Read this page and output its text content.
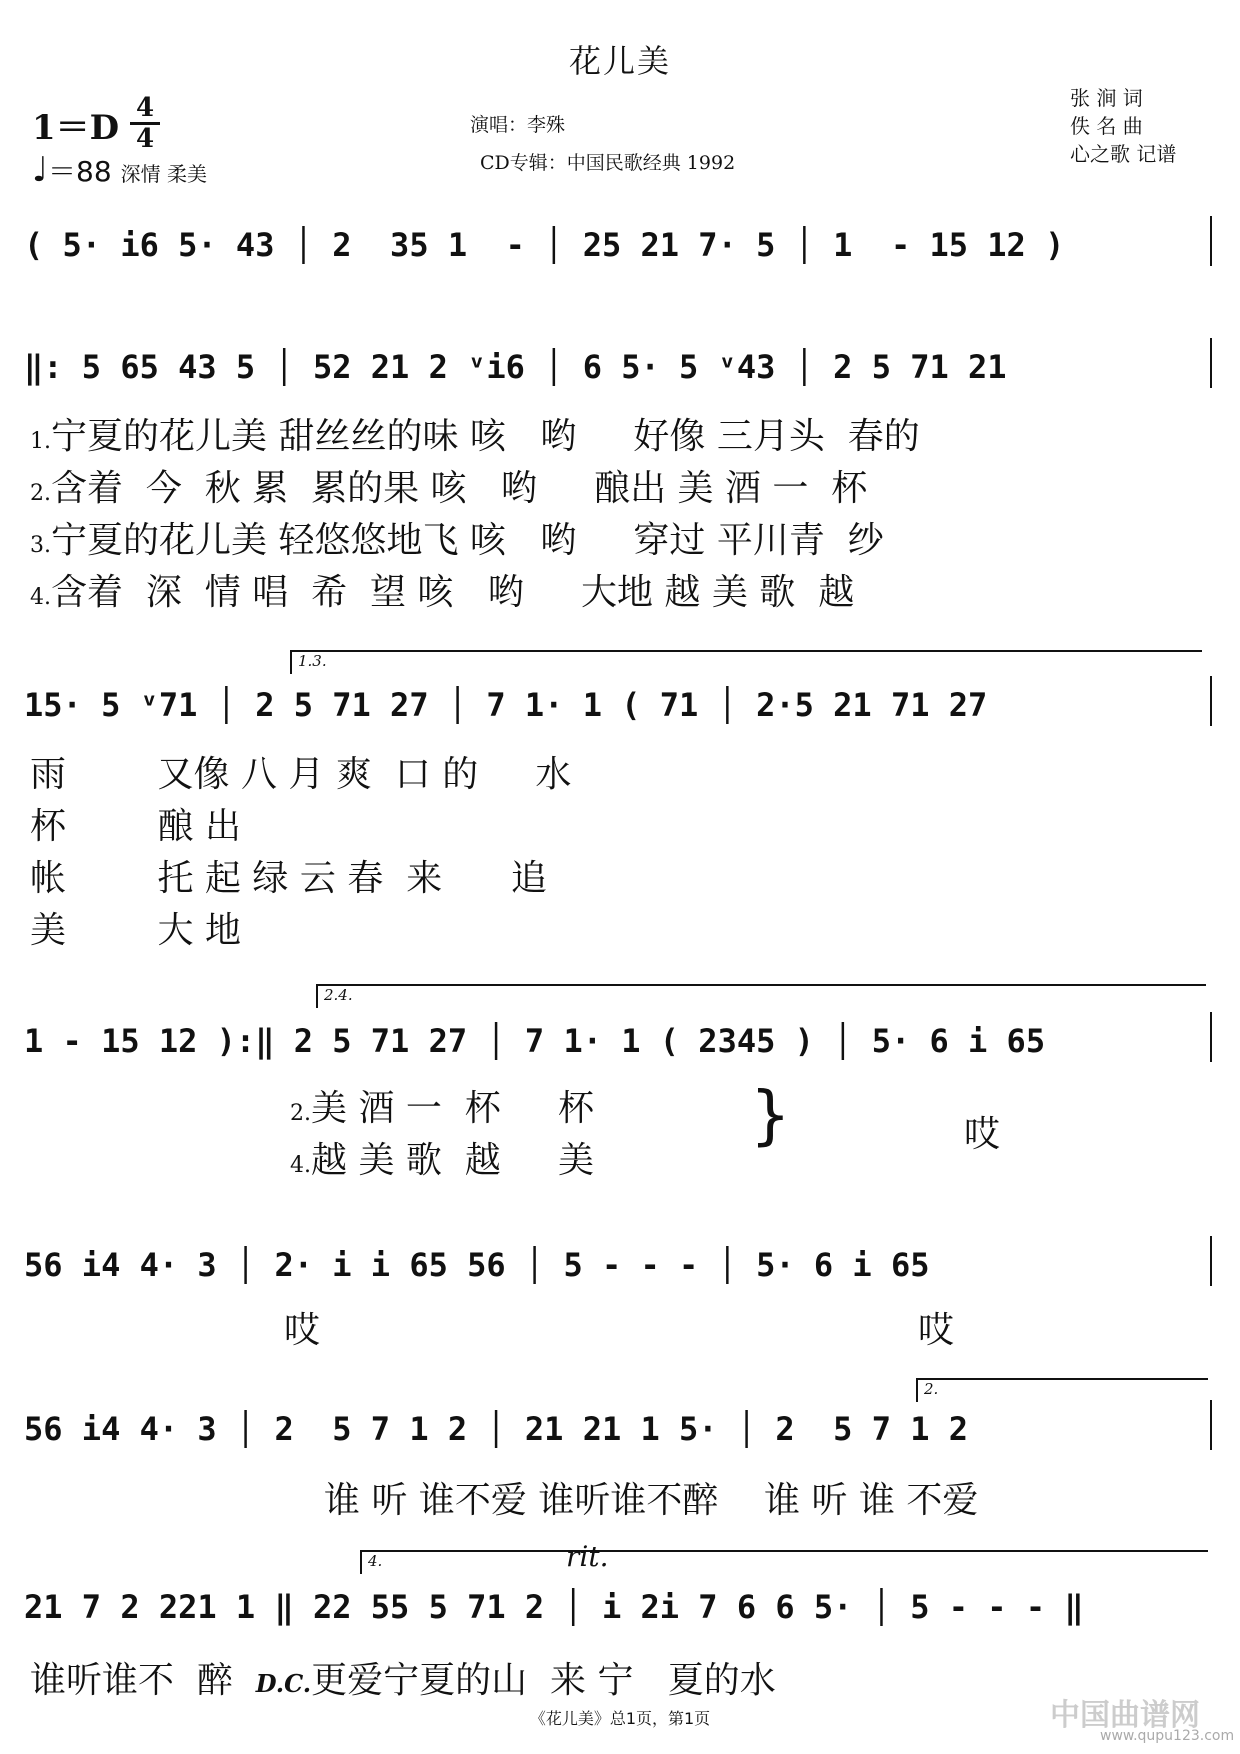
花儿美
1＝D 4
4
♩＝88 深情 柔美
演唱：李殊
CD专辑：中国民歌经典 1992
张 涧 词
佚 名 曲
心之歌 记谱
( 5· i6 5· 43 │ 2  35 1  - │ 25 21 7· 5 │ 1  - 15 12 )
‖: 5 65 43 5 │ 52 21 2 ᵛi6 │ 6 5· 5 ᵛ43 │ 2 5 71 21
1.宁夏的花儿美 甜丝丝的味 咳   哟     好像 三月头  春的
2.含着  今  秋 累  累的果 咳   哟     酿出 美 酒 一  杯
3.宁夏的花儿美 轻悠悠地飞 咳   哟     穿过 平川青  纱
4.含着  深  情 唱  希  望 咳   哟     大地 越 美 歌  越
1.3.
15· 5 ᵛ71 │ 2 5 71 27 │ 7 1· 1 ( 71 │ 2·5 21 71 27
雨        又像 八 月 爽  口 的     水
杯        酿 出
帐        托 起 绿 云 春  来      追
美        大 地
2.4.
1 - 15 12 ):‖ 2 5 71 27 │ 7 1· 1 ( 2345 ) │ 5· 6 i 65
2.美 酒 一  杯     杯
4.越 美 歌  越     美
}	哎
56 i4 4· 3 │ 2· i i 65 56 │ 5 - - - │ 5· 6 i 65
哎	哎
2.
56 i4 4· 3 │ 2  5 7 1 2 │ 21 21 1 5· │ 2  5 7 1 2
谁 听 谁不爱 谁听谁不醉    谁 听 谁 不爱
4.	rit.
21 7 2 221 1 ‖ 22 55 5 71 2 │ i 2i 7 6 6 5· │ 5 - - - ‖
谁听谁不  醉 D.C.更爱宁夏的山  来 宁   夏的水
《花儿美》总1页，第1页	中国曲谱网
www.qupu123.com
